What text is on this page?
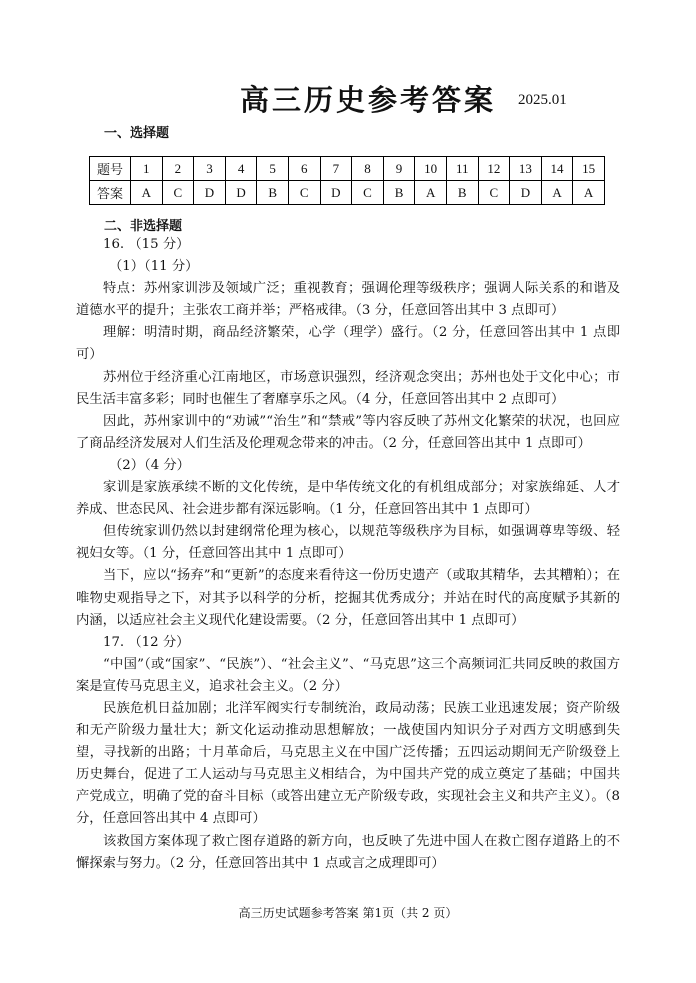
高三历史参考答案 2025.01
一、选择题
题号	1	2	3	4	5	6	7	8	9	10	11	12	13	14	15
答案	A	C	D	D	B	C	D	C	B	A	B	C	D	A	A
二、非选择题

16. （15 分）

（1）（11 分）

特点：苏州家训涉及领域广泛；重视教育；强调伦理等级秩序；强调人际关系的和谐及道德水平的提升；主张农工商并举；严格戒律。（3 分，任意回答出其中 3 点即可）

理解：明清时期，商品经济繁荣，心学（理学）盛行。（2 分，任意回答出其中 1 点即可）

苏州位于经济重心江南地区，市场意识强烈，经济观念突出；苏州也处于文化中心；市民生活丰富多彩；同时也催生了奢靡享乐之风。（4 分，任意回答出其中 2 点即可）

因此，苏州家训中的“劝诫”“治生”和“禁戒”等内容反映了苏州文化繁荣的状况，也回应了商品经济发展对人们生活及伦理观念带来的冲击。（2 分，任意回答出其中 1 点即可）

（2）（4 分）

家训是家族承续不断的文化传统，是中华传统文化的有机组成部分；对家族绵延、人才养成、世态民风、社会进步都有深远影响。（1 分，任意回答出其中 1 点即可）

但传统家训仍然以封建纲常伦理为核心，以规范等级秩序为目标，如强调尊卑等级、轻视妇女等。（1 分，任意回答出其中 1 点即可）

当下，应以“扬弃”和“更新”的态度来看待这一份历史遗产（或取其精华，去其糟粕）；在唯物史观指导之下，对其予以科学的分析，挖掘其优秀成分；并站在时代的高度赋予其新的内涵，以适应社会主义现代化建设需要。（2 分，任意回答出其中 1 点即可）

17. （12 分）

“中国”（或“国家”、“民族”）、“社会主义”、“马克思”这三个高频词汇共同反映的救国方案是宣传马克思主义，追求社会主义。（2 分）

民族危机日益加剧；北洋军阀实行专制统治，政局动荡；民族工业迅速发展；资产阶级和无产阶级力量壮大；新文化运动推动思想解放；一战使国内知识分子对西方文明感到失望，寻找新的出路；十月革命后，马克思主义在中国广泛传播；五四运动期间无产阶级登上历史舞台，促进了工人运动与马克思主义相结合，为中国共产党的成立奠定了基础；中国共产党成立，明确了党的奋斗目标（或答出建立无产阶级专政，实现社会主义和共产主义）。（8 分，任意回答出其中 4 点即可）

该救国方案体现了救亡图存道路的新方向，也反映了先进中国人在救亡图存道路上的不懈探索与努力。（2 分，任意回答出其中 1 点或言之成理即可）

高三历史试题参考答案 第1页（共 2 页）
